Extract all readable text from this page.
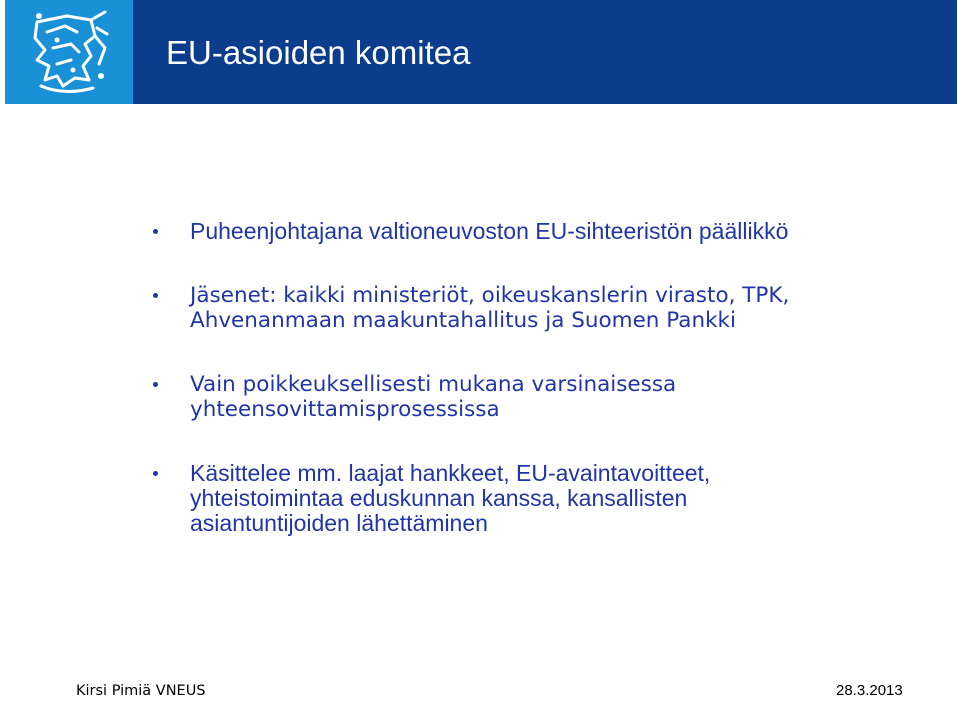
EU-asioiden komitea
Puheenjohtajana valtioneuvoston EU-sihteeristön päällikkö
Jäsenet: kaikki ministeriöt, oikeuskanslerin virasto, TPK,
Ahvenanmaan maakuntahallitus ja Suomen Pankki
Vain poikkeuksellisesti mukana varsinaisessa
yhteensovittamisprosessissa
Käsittelee mm. laajat hankkeet, EU-avaintavoitteet,
yhteistoimintaa eduskunnan kanssa, kansallisten
asiantuntijoiden lähettäminen
Kirsi Pimiä VNEUS	28.3.2013
